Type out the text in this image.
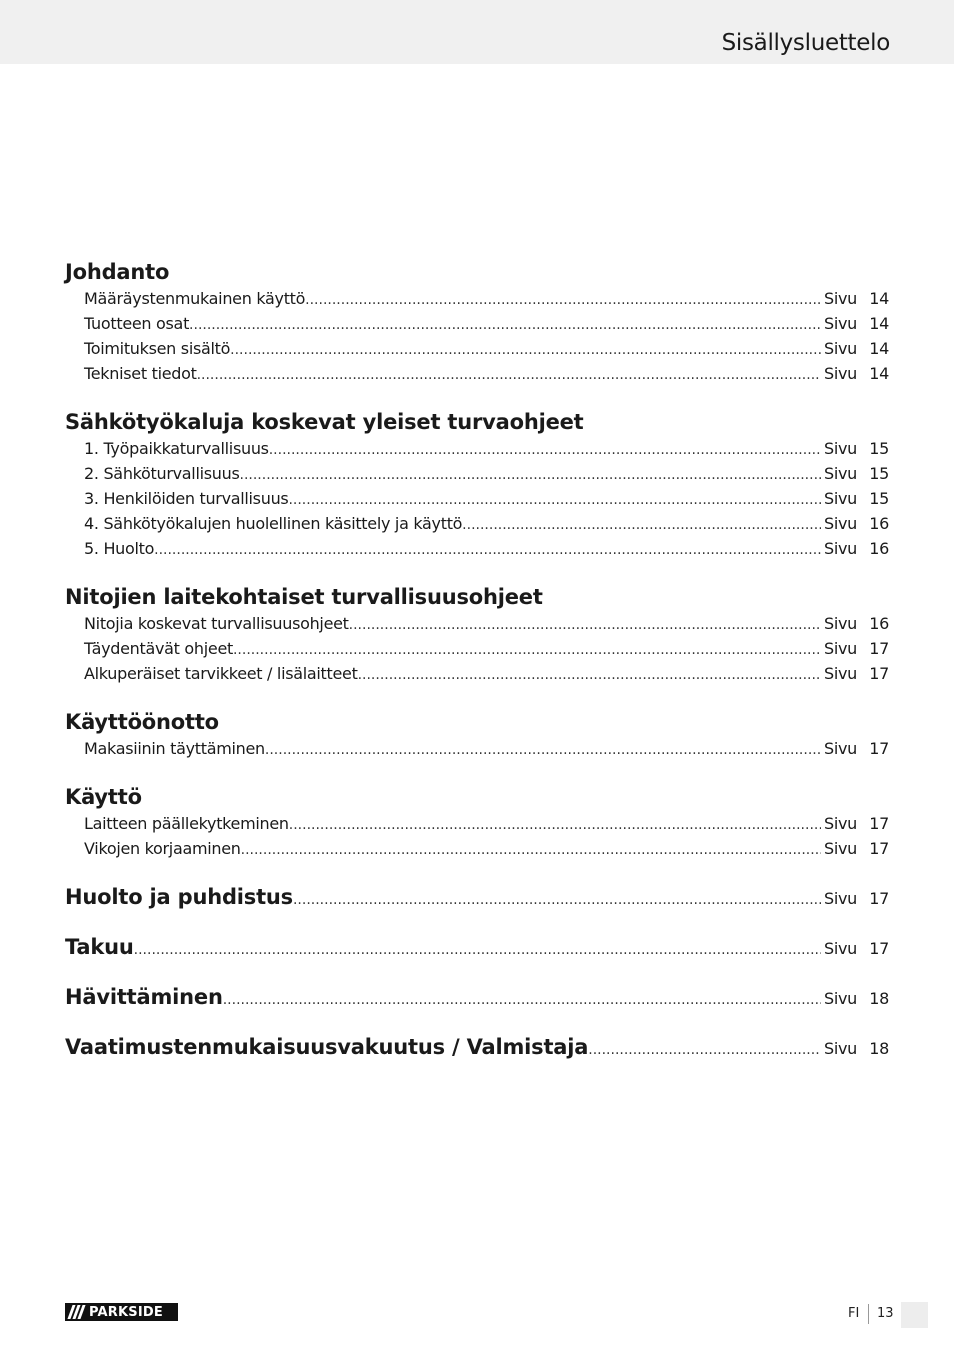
Sisällysluettelo
Johdanto
Määräystenmukainen käyttö .....	Sivu 14
Tuotteen osat .....	Sivu 14
Toimituksen sisältö .....	Sivu 14
Tekniset tiedot .....	Sivu 14
Sähkötyökaluja koskevat yleiset turvaohjeet
1. Työpaikkaturvallisuus .....	Sivu 15
2. Sähköturvallisuus .....	Sivu 15
3. Henkilöiden turvallisuus .....	Sivu 15
4. Sähkötyökalujen huolellinen käsittely ja käyttö .....	Sivu 16
5. Huolto .....	Sivu 16
Nitojien laitekohtaiset turvallisuusohjeet
Nitojia koskevat turvallisuusohjeet .....	Sivu 16
Täydentävät ohjeet .....	Sivu 17
Alkuperäiset tarvikkeet / lisälaitteet .....	Sivu 17
Käyttöönotto
Makasiinin täyttäminen .....	Sivu 17
Käyttö
Laitteen päällekytkeminen .....	Sivu 17
Vikojen korjaaminen .....	Sivu 17
Huolto ja puhdistus .....	Sivu 17
Takuu .....	Sivu 17
Hävittäminen .....	Sivu 18
Vaatimustenmukaisuusvakuutus / Valmistaja .....	Sivu 18
PARKSIDE	FI 13
